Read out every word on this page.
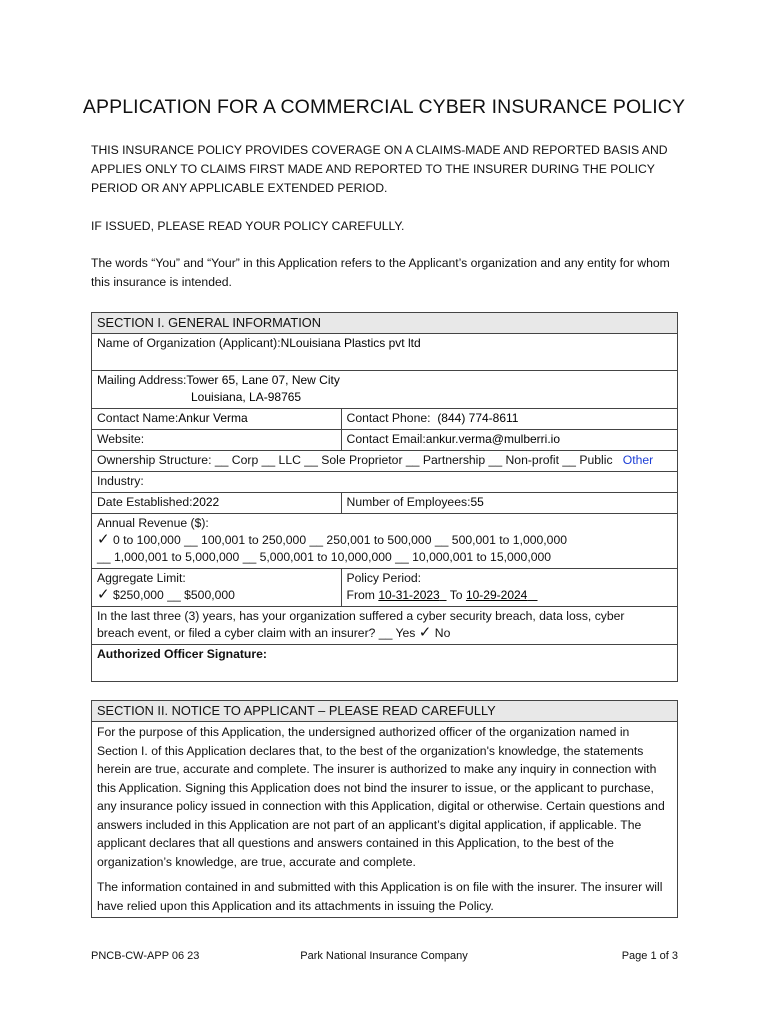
APPLICATION FOR A COMMERCIAL CYBER INSURANCE POLICY
THIS INSURANCE POLICY PROVIDES COVERAGE ON A CLAIMS-MADE AND REPORTED BASIS AND APPLIES ONLY TO CLAIMS FIRST MADE AND REPORTED TO THE INSURER DURING THE POLICY PERIOD OR ANY APPLICABLE EXTENDED PERIOD.
IF ISSUED, PLEASE READ YOUR POLICY CAREFULLY.
The words “You” and “Your” in this Application refers to the Applicant’s organization and any entity for whom this insurance is intended.
SECTION I. GENERAL INFORMATION	
Name of Organization (Applicant):NLouisiana Plastics pvt ltd	
Mailing Address:Tower 65, Lane 07, New City
Louisiana, LA-98765	
Contact Name:Ankur Verma	Contact Phone: (844) 774-8611
Website:	Contact Email:ankur.verma@mulberri.io
Ownership Structure: __ Corp __ LLC __ Sole Proprietor __ Partnership __ Non-profit __ Public Other	
Industry:	
Date Established:2022	Number of Employees:55
Annual Revenue ($):
✓ 0 to 100,000 __ 100,001 to 250,000 __ 250,001 to 500,000 __ 500,001 to 1,000,000
__ 1,000,001 to 5,000,000 __ 5,000,001 to 10,000,000 __ 10,000,001 to 15,000,000	
Aggregate Limit:
✓ $250,000 __ $500,000	Policy Period:
From 10-31-2023 To 10-29-2024
In the last three (3) years, has your organization suffered a cyber security breach, data loss, cyber
breach event, or filed a cyber claim with an insurer? __ Yes ✓ No	
Authorized Officer Signature:	
SECTION II. NOTICE TO APPLICANT – PLEASE READ CAREFULLY

For the purpose of this Application, the undersigned authorized officer of the organization named in Section I. of this Application declares that, to the best of the organization's knowledge, the statements herein are true, accurate and complete. The insurer is authorized to make any inquiry in connection with this Application. Signing this Application does not bind the insurer to issue, or the applicant to purchase, any insurance policy issued in connection with this Application, digital or otherwise. Certain questions and answers included in this Application are not part of an applicant’s digital application, if applicable. The applicant declares that all questions and answers contained in this Application, to the best of the organization’s knowledge, are true, accurate and complete.

The information contained in and submitted with this Application is on file with the insurer. The insurer will have relied upon this Application and its attachments in issuing the Policy.

PNCB-CW-APP 06 23	Park National Insurance Company	Page 1 of 3
